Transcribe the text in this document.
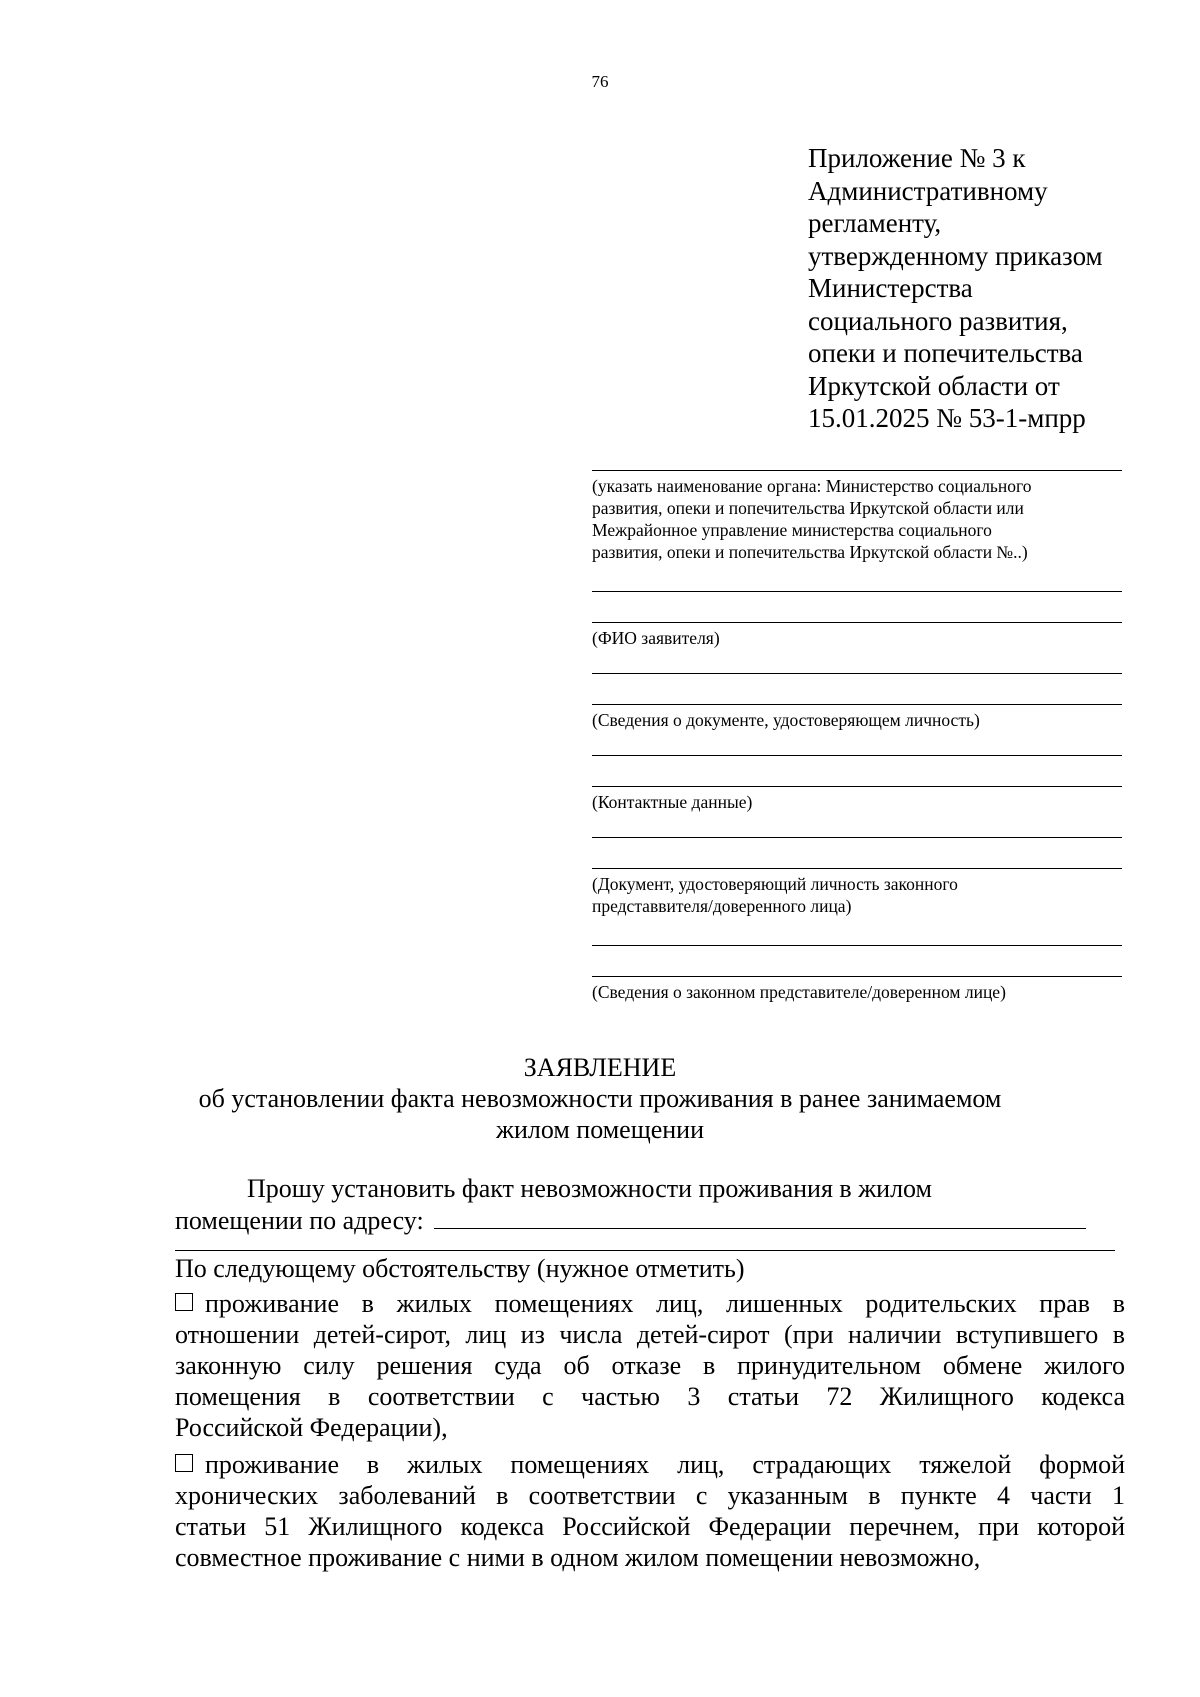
76
Приложение № 3 к
Административному
регламенту,
утвержденному приказом
Министерства
социального развития,
опеки и попечительства
Иркутской области от
15.01.2025 № 53-1-мпрр
(указать наименование органа: Министерство социального
развития, опеки и попечительства Иркутской области или
Межрайонное управление министерства социального
развития, опеки и попечительства Иркутской области №..)
(ФИО заявителя)
(Сведения о документе, удостоверяющем личность)
(Контактные данные)
(Документ, удостоверяющий личность законного
представвителя/доверенного лица)
(Сведения о законном представителе/доверенном лице)
ЗАЯВЛЕНИЕ
об установлении факта невозможности проживания в ранее занимаемом
жилом помещении
Прошу установить факт невозможности проживания в жилом
помещении по адресу:
По следующему обстоятельству (нужное отметить)
проживание в жилых помещениях лиц, лишенных родительских прав в
отношении детей-сирот, лиц из числа детей-сирот (при наличии вступившего в
законную силу решения суда об отказе в принудительном обмене жилого
помещения в соответствии с частью 3 статьи 72 Жилищного кодекса
Российской Федерации),
проживание в жилых помещениях лиц, страдающих тяжелой формой
хронических заболеваний в соответствии с указанным в пункте 4 части 1
статьи 51 Жилищного кодекса Российской Федерации перечнем, при которой
совместное проживание с ними в одном жилом помещении невозможно,
